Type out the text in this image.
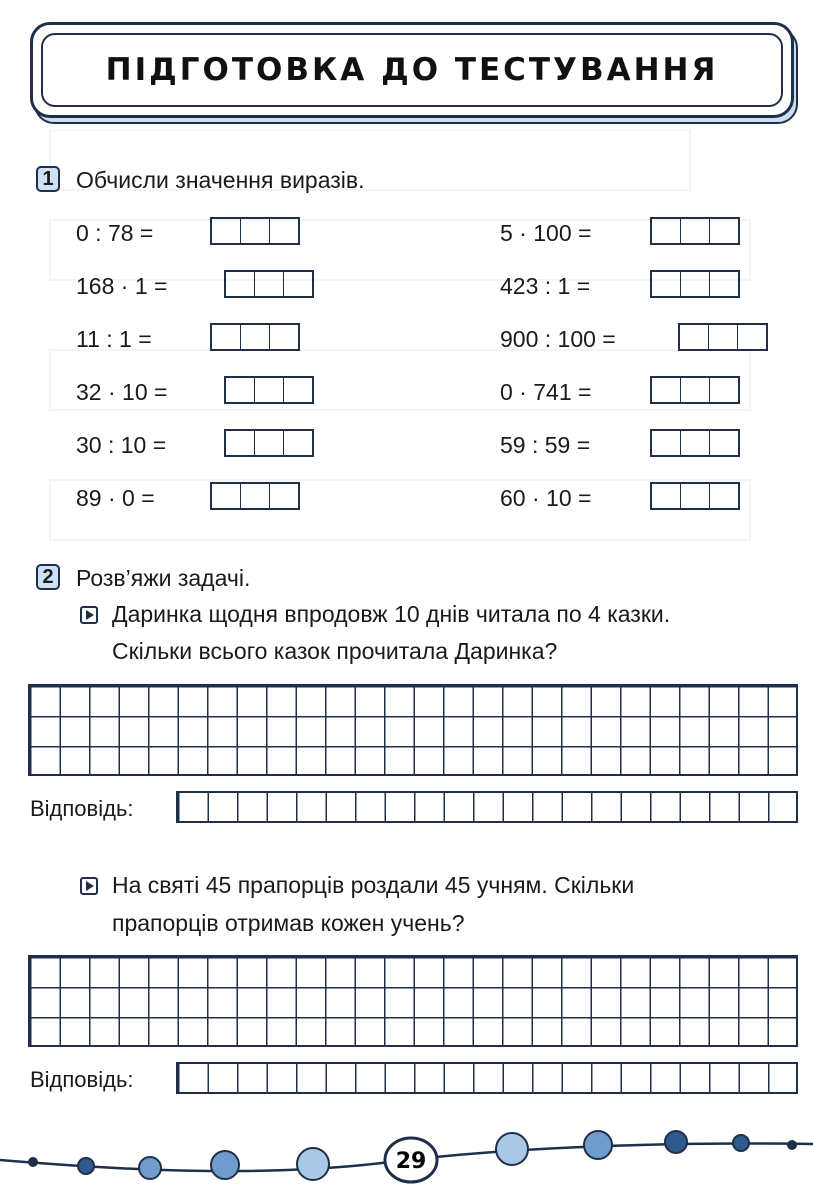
ПІДГОТОВКА ДО ТЕСТУВАННЯ
1 Обчисли значення виразів.
0 : 78 =
168 · 1 =
11 : 1 =
32 · 10 =
30 : 10 =
89 · 0 =
5 · 100 =
423 : 1 =
900 : 100 =
0 · 741 =
59 : 59 =
60 · 10 =
2 Розв’яжи задачі.
Даринка щодня впродовж 10 днів читала по 4 казки.
Скільки всього казок прочитала Даринка?
Відповідь:
На святі 45 прапорців роздали 45 учням. Скільки
прапорців отримав кожен учень?
Відповідь:
29
